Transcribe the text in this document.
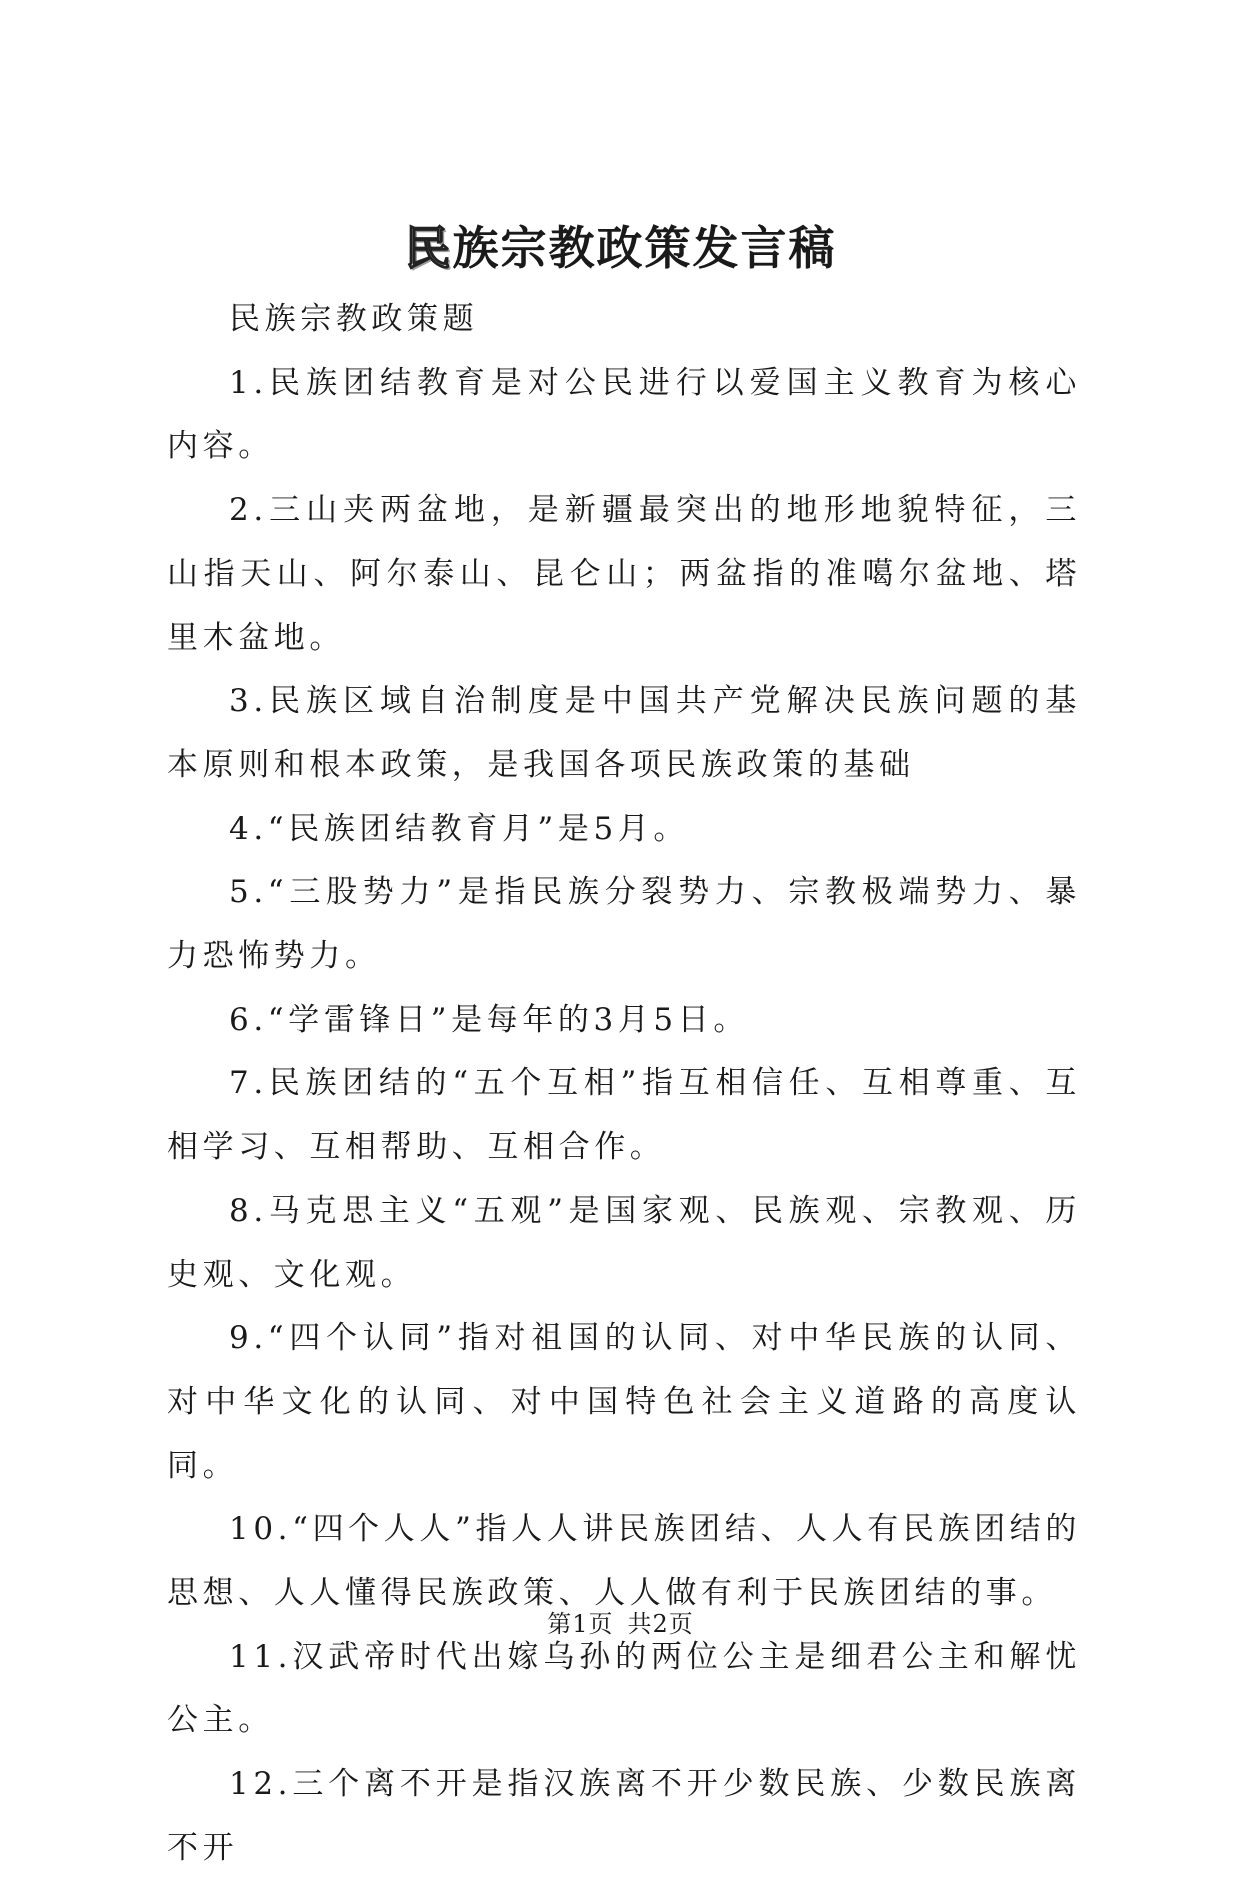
民族宗教政策发言稿

民族宗教政策题

1.民族团结教育是对公民进行以爱国主义教育为核心内容。

2.三山夹两盆地，是新疆最突出的地形地貌特征，三山指天山、阿尔泰山、昆仑山；两盆指的准噶尔盆地、塔里木盆地。

3.民族区域自治制度是中国共产党解决民族问题的基本原则和根本政策，是我国各项民族政策的基础

4.“民族团结教育月”是5月。

5.“三股势力”是指民族分裂势力、宗教极端势力、暴力恐怖势力。

6.“学雷锋日”是每年的3月5日。

7.民族团结的“五个互相”指互相信任、互相尊重、互相学习、互相帮助、互相合作。

8.马克思主义“五观”是国家观、民族观、宗教观、历史观、文化观。

9.“四个认同”指对祖国的认同、对中华民族的认同、对中华文化的认同、对中国特色社会主义道路的高度认同。

10.“四个人人”指人人讲民族团结、人人有民族团结的思想、人人懂得民族政策、人人做有利于民族团结的事。

11.汉武帝时代出嫁乌孙的两位公主是细君公主和解忧公主。

12.三个离不开是指汉族离不开少数民族、少数民族离不开

第1页 共2页
